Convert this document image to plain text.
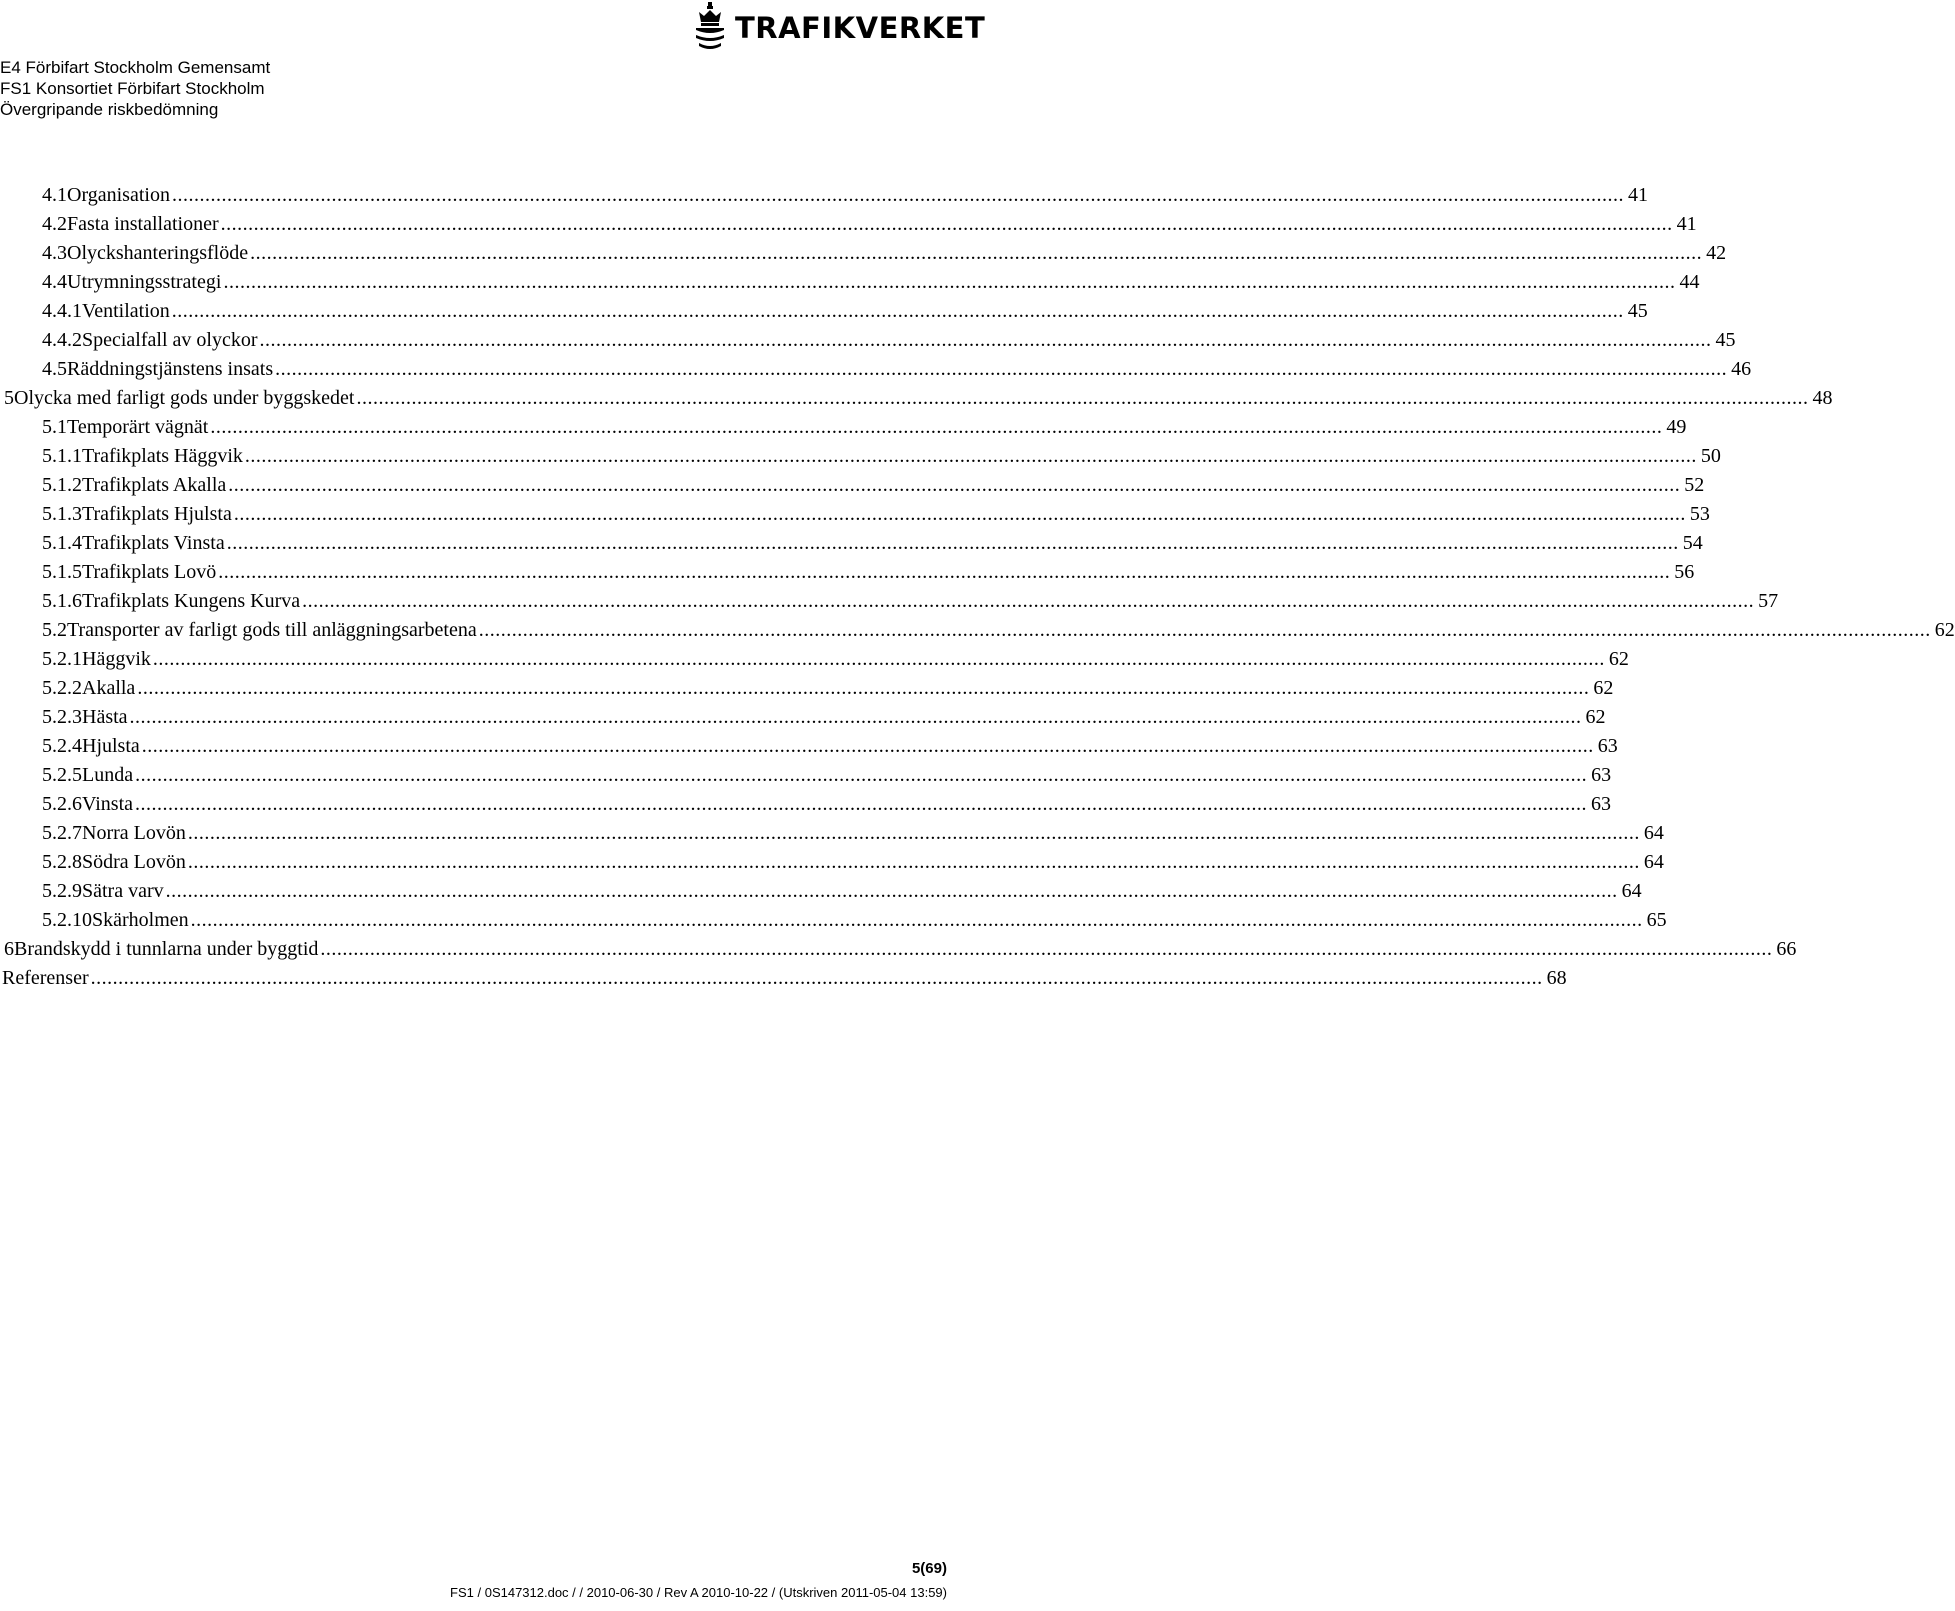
E4 Förbifart Stockholm Gemensamt
FS1 Konsortiet Förbifart Stockholm
Övergripande riskbedömning
TRAFIKVERKET
4.1 Organisation .....	41
4.2 Fasta installationer .....	41
4.3 Olyckshanteringsflöde .....	42
4.4 Utrymningsstrategi .....	44
4.4.1 Ventilation .....	45
4.4.2 Specialfall av olyckor .....	45
4.5 Räddningstjänstens insats .....	46
5 Olycka med farligt gods under byggskedet .....	48
5.1 Temporärt vägnät .....	49
5.1.1 Trafikplats Häggvik .....	50
5.1.2 Trafikplats Akalla .....	52
5.1.3 Trafikplats Hjulsta .....	53
5.1.4 Trafikplats Vinsta .....	54
5.1.5 Trafikplats Lovö .....	56
5.1.6 Trafikplats Kungens Kurva .....	57
5.2 Transporter av farligt gods till anläggningsarbetena .....	62
5.2.1 Häggvik .....	62
5.2.2 Akalla .....	62
5.2.3 Hästa .....	62
5.2.4 Hjulsta .....	63
5.2.5 Lunda .....	63
5.2.6 Vinsta .....	63
5.2.7 Norra Lovön .....	64
5.2.8 Södra Lovön .....	64
5.2.9 Sätra varv .....	64
5.2.10 Skärholmen .....	65
6 Brandskydd i tunnlarna under byggtid .....	66
Referenser .....	68
5(69)
FS1 / 0S147312.doc / / 2010-06-30 / Rev A 2010-10-22 / (Utskriven 2011-05-04 13:59)
